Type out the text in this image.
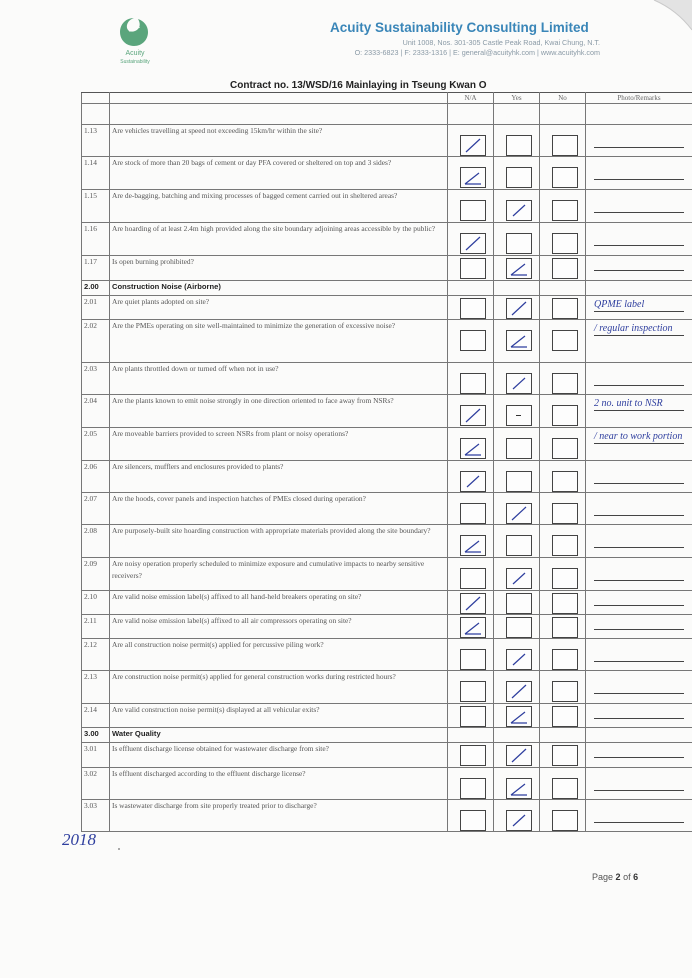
Acuity
Sustainability
Acuity Sustainability Consulting Limited
Unit 1008, Nos. 301-305 Castle Peak Road, Kwai Chung, N.T.
O: 2333-6823 | F: 2333-1316 | E: general@acuityhk.com | www.acuityhk.com
Contract no. 13/WSD/16 Mainlaying in Tseung Kwan O
		N/A	Yes	No	Photo/Remarks

1.13	Are vehicles travelling at speed not exceeding 15km/hr within the site?	

1.14	Are stock of more than 20 bags of cement or day PFA covered or sheltered on top and 3 sides?	

1.15	Are de-bagging, batching and mixing processes of bagged cement carried out in sheltered areas?	

1.16	Are hoarding of at least 2.4m high provided along the site boundary adjoining areas accessible by the public?	

1.17	Is open burning prohibited?	

2.00	Construction Noise (Airborne)				
2.01	Are quiet plants adopted on site?				QPME label

2.02	Are the PMEs operating on site well-maintained to minimize the generation of excessive noise?				/ regular inspection

2.03	Are plants throttled down or turned off when not in use?	

2.04	Are the plants known to emit noise strongly in one direction oriented to face away from NSRs?				2 no. unit to NSR

2.05	Are moveable barriers provided to screen NSRs from plant or noisy operations?				/ near to work portion

2.06	Are silencers, mufflers and enclosures provided to plants?	

2.07	Are the hoods, cover panels and inspection hatches of PMEs closed during operation?	

2.08	Are purposely-built site hoarding construction with appropriate materials provided along the site boundary?	

2.09	Are noisy operation properly scheduled to minimize exposure and cumulative impacts to nearby sensitive receivers?	

2.10	Are valid noise emission label(s) affixed to all hand-held breakers operating on site?	

2.11	Are valid noise emission label(s) affixed to all air compressors operating on site?	

2.12	Are all construction noise permit(s) applied for percussive piling work?	

2.13	Are construction noise permit(s) applied for general construction works during restricted hours?	

2.14	Are valid construction noise permit(s) displayed at all vehicular exits?	

3.00	Water Quality				
3.01	Is effluent discharge license obtained for wastewater discharge from site?	

3.02	Is effluent discharged according to the effluent discharge license?	

3.03	Is wastewater discharge from site properly treated prior to discharge?	

2018
Page 2 of 6
